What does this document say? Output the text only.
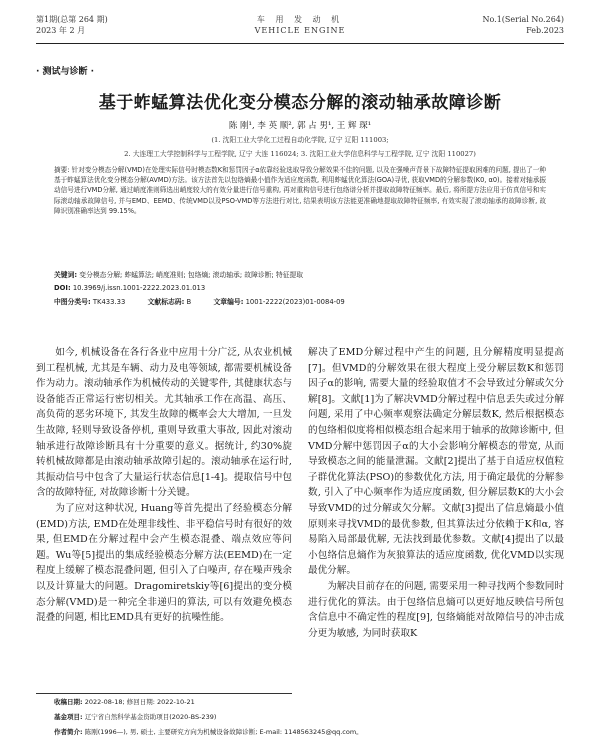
第1期(总第 264 期)
2023 年 2 月
车 用 发 动 机
VEHICLE ENGINE
No.1(Serial No.264)
Feb.2023
· 测试与诊断 ·
基于蚱蜢算法优化变分模态分解的滚动轴承故障诊断
陈 刚¹, 李 英 顺², 郭 占 男¹, 王 辉 琛¹
(1. 沈阳工业大学化工过程自动化学院, 辽宁 辽阳 111003;
2. 大连理工大学控制科学与工程学院, 辽宁 大连 116024; 3. 沈阳工业大学信息科学与工程学院, 辽宁 沈阳 110027)
摘要: 针对变分模态分解(VMD)在处理实际信号时模态数K和惩罚因子α依靠经验选取导致分解效果不佳的问题, 以及在强噪声背景下故障特征提取困难的问题, 提出了一种基于蚱蜢算法优化变分模态分解(AVMD)方法。该方法首先以包络熵最小值作为适应度函数, 利用蚱蜢优化算法(GOA)寻优, 获取VMD的分解参数(K0, α0)。接着对轴承振动信号进行VMD分解, 通过峭度准则筛选出峭度较大的有效分量进行信号重构, 再对重构信号进行包络谱分析并提取故障特征频率。最后, 将所提方法应用于仿真信号和实际滚动轴承故障信号, 并与EMD、EEMD、传统VMD以及PSO-VMD等方法进行对比, 结果表明该方法能更准确地提取故障特征频率, 有效实现了滚动轴承的故障诊断, 故障识别准确率达到 99.15%。
关键词: 变分模态分解; 蚱蜢算法; 峭度准则; 包络熵; 滚动轴承; 故障诊断; 特征提取
DOI: 10.3969/j.issn.1001-2222.2023.01.013
中图分类号: TK433.33	文献标志码: B	文章编号: 1001-2222(2023)01-0084-09

如今, 机械设备在各行各业中应用十分广泛, 从农业机械到工程机械, 尤其是车辆、动力及电等领域, 都需要机械设备作为动力。滚动轴承作为机械传动的关键零件, 其健康状态与设备能否正常运行密切相关。尤其轴承工作在高温、高压、高负荷的恶劣环境下, 其发生故障的概率会大大增加, 一旦发生故障, 轻则导致设备停机, 重则导致重大事故, 因此对滚动轴承进行故障诊断具有十分重要的意义。据统计, 约30%旋转机械故障都是由滚动轴承故障引起的。滚动轴承在运行时, 其振动信号中包含了大量运行状态信息[1-4]。提取信号中包含的故障特征, 对故障诊断十分关键。

为了应对这种状况, Huang等首先提出了经验模态分解(EMD)方法, EMD在处理非线性、非平稳信号时有很好的效果, 但EMD在分解过程中会产生模态混叠、端点效应等问题。Wu等[5]提出的集成经验模态分解方法(EEMD)在一定程度上缓解了模态混叠问题, 但引入了白噪声, 存在噪声残余以及计算量大的问题。Dragomiretskiy等[6]提出的变分模态分解(VMD)是一种完全非递归的算法, 可以有效避免模态混叠的问题, 相比EMD具有更好的抗噪性能。

解决了EMD分解过程中产生的问题, 且分解精度明显提高[7]。但VMD的分解效果在很大程度上受分解层数K和惩罚因子α的影响, 需要大量的经验取值才不会导致过分解或欠分解[8]。文献[1]为了解决VMD分解过程中信息丢失或过分解问题, 采用了中心频率观察法确定分解层数K, 然后根据模态的包络相似度将相似模态组合起来用于轴承的故障诊断中, 但VMD分解中惩罚因子α的大小会影响分解模态的带宽, 从而导致模态之间的能量泄漏。文献[2]提出了基于自适应权值粒子群优化算法(PSO)的参数优化方法, 用于确定最优的分解参数, 引入了中心频率作为适应度函数, 但分解层数K的大小会导致VMD的过分解或欠分解。文献[3]提出了信息熵最小值原则来寻找VMD的最优参数, 但其算法过分依赖于K和α, 容易陷入局部最优解, 无法找到最优参数。文献[4]提出了以最小包络信息熵作为灰狼算法的适应度函数, 优化VMD以实现最优分解。

为解决目前存在的问题, 需要采用一种寻找两个参数同时进行优化的算法。由于包络信息熵可以更好地反映信号所包含信息中不确定性的程度[9], 包络熵能对故障信号的冲击成分更为敏感, 为同时获取K

收稿日期: 2022-08-18; 修回日期: 2022-10-21
基金项目: 辽宁省自然科学基金资助项目(2020-BS-239)
作者简介: 陈刚(1996—), 男, 硕士, 主要研究方向为机械设备故障诊断; E-mail: 1148563245@qq.com。
